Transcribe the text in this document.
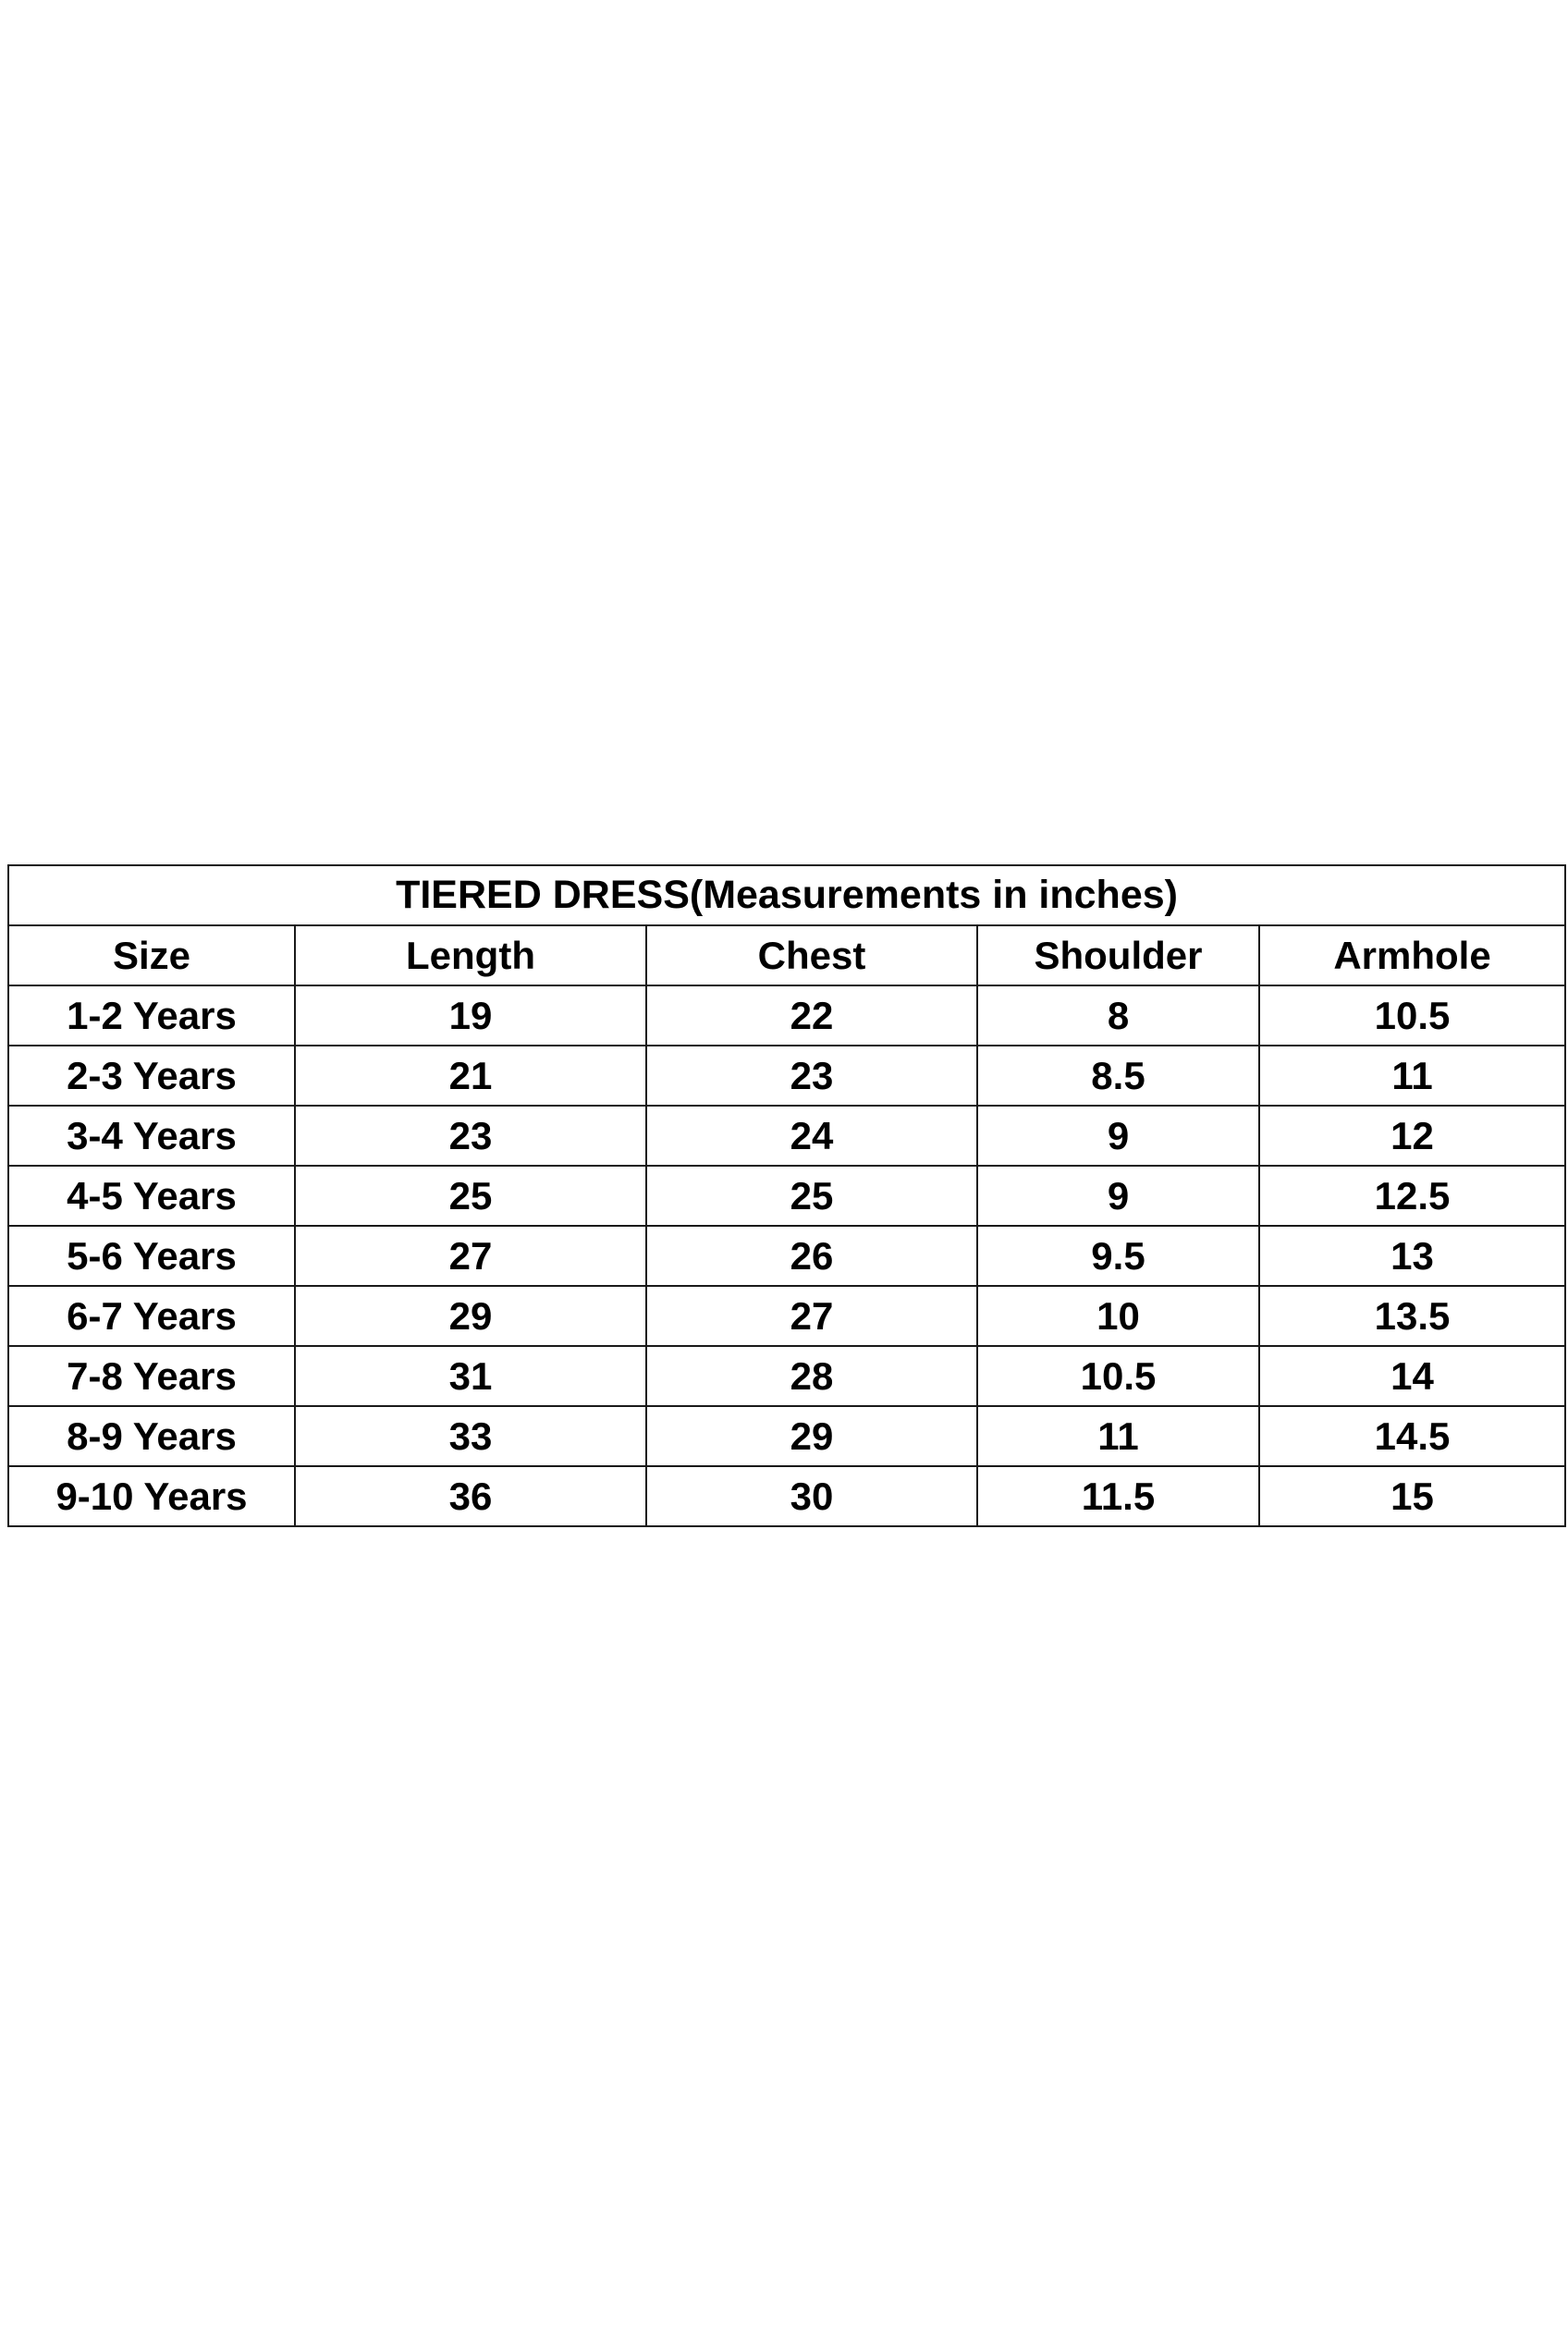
TIERED DRESS(Measurements in inches)				
Size	Length	Chest	Shoulder	Armhole
1-2 Years	19	22	8	10.5
2-3 Years	21	23	8.5	11
3-4 Years	23	24	9	12
4-5 Years	25	25	9	12.5
5-6 Years	27	26	9.5	13
6-7 Years	29	27	10	13.5
7-8 Years	31	28	10.5	14
8-9 Years	33	29	11	14.5
9-10 Years	36	30	11.5	15
